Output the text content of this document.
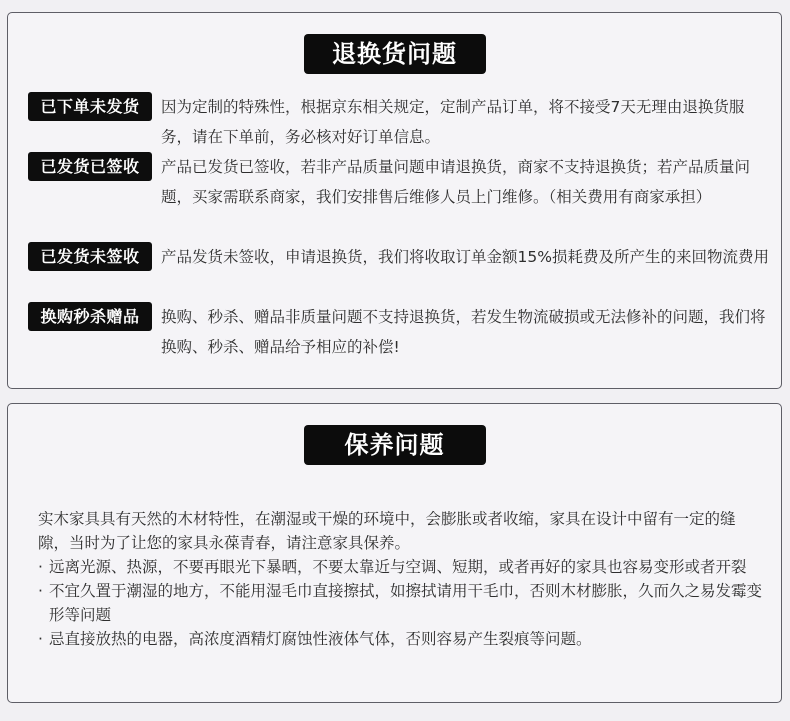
退换货问题
已下单未发货	因为定制的特殊性，根据京东相关规定，定制产品订单，将不接受7天无理由退换货服务，请在下单前，务必核对好订单信息。

已发货已签收	产品已发货已签收，若非产品质量问题申请退换货，商家不支持退换货；若产品质量问题，买家需联系商家，我们安排售后维修人员上门维修。（相关费用有商家承担）

已发货未签收	产品发货未签收，申请退换货，我们将收取订单金额15%损耗费及所产生的来回物流费用

换购秒杀赠品	换购、秒杀、赠品非质量问题不支持退换货，若发生物流破损或无法修补的问题，我们将换购、秒杀、赠品给予相应的补偿!

保养问题

实木家具具有天然的木材特性，在潮湿或干燥的环境中，会膨胀或者收缩，家具在设计中留有一定的缝隙，当时为了让您的家具永葆青春，请注意家具保养。

· 远离光源、热源，不要再眼光下暴晒，不要太靠近与空调、短期，或者再好的家具也容易变形或者开裂

· 不宜久置于潮湿的地方，不能用湿毛巾直接擦拭，如擦拭请用干毛巾，否则木材膨胀，久而久之易发霉变形等问题

· 忌直接放热的电器，高浓度酒精灯腐蚀性液体气体，否则容易产生裂痕等问题。
